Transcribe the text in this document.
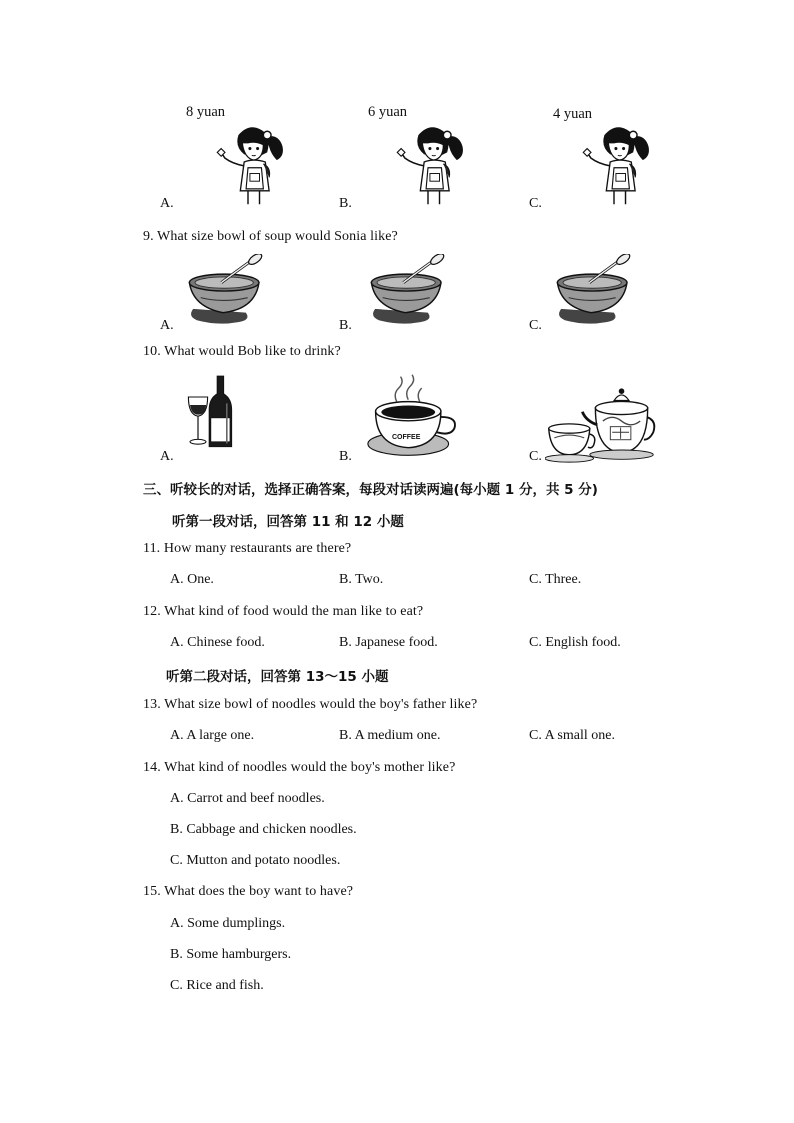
8 yuan	6 yuan	4 yuan
A.	B.	C.
9. What size bowl of soup would Sonia like?
A.	B.	C.
10. What would Bob like to drink?
COFFEE
A.	B.	C.
三、听较长的对话，选择正确答案，每段对话读两遍(每小题 1 分，共 5 分)
听第一段对话，回答第 11 和 12 小题
11. How many restaurants are there?
A. One.	B. Two.	C. Three.
12. What kind of food would the man like to eat?
A. Chinese food.	B. Japanese food.	C. English food.
听第二段对话，回答第 13～15 小题
13. What size bowl of noodles would the boy's father like?
A. A large one.	B. A medium one.	C. A small one.
14. What kind of noodles would the boy's mother like?
A. Carrot and beef noodles.
B. Cabbage and chicken noodles.
C. Mutton and potato noodles.
15. What does the boy want to have?
A. Some dumplings.
B. Some hamburgers.
C. Rice and fish.
